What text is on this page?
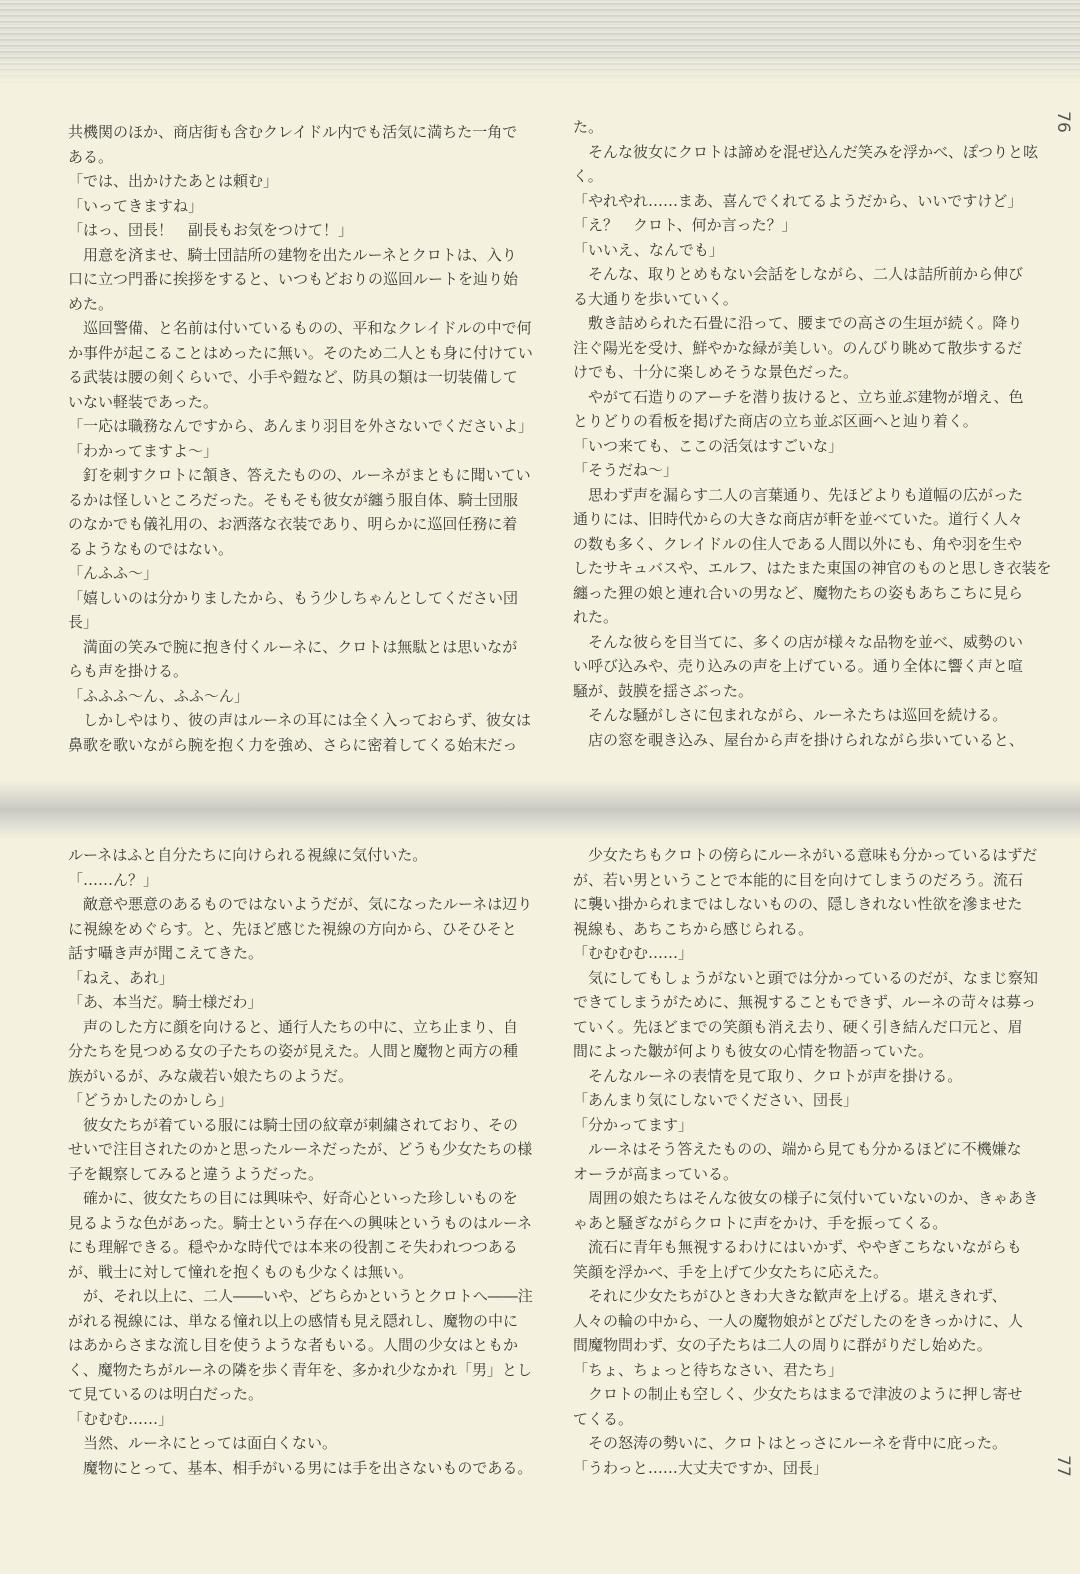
76
77
共機関のほか、商店街も含むクレイドル内でも活気に満ちた一角で
ある。
「では、出かけたあとは頼む」
「いってきますね」
「はっ、団長！　副長もお気をつけて！」
　用意を済ませ、騎士団詰所の建物を出たルーネとクロトは、入り
口に立つ門番に挨拶をすると、いつもどおりの巡回ルートを辿り始
めた。
　巡回警備、と名前は付いているものの、平和なクレイドルの中で何
か事件が起こることはめったに無い。そのため二人とも身に付けてい
る武装は腰の剣くらいで、小手や鎧など、防具の類は一切装備して
いない軽装であった。
「一応は職務なんですから、あんまり羽目を外さないでくださいよ」
「わかってますよ～」
　釘を刺すクロトに頷き、答えたものの、ルーネがまともに聞いてい
るかは怪しいところだった。そもそも彼女が纏う服自体、騎士団服
のなかでも儀礼用の、お洒落な衣装であり、明らかに巡回任務に着
るようなものではない。
「んふふ～」
「嬉しいのは分かりましたから、もう少しちゃんとしてください団
長」
　満面の笑みで腕に抱き付くルーネに、クロトは無駄とは思いなが
らも声を掛ける。
「ふふふ～ん、ふふ～ん」
　しかしやはり、彼の声はルーネの耳には全く入っておらず、彼女は
鼻歌を歌いながら腕を抱く力を強め、さらに密着してくる始末だっ
た。
　そんな彼女にクロトは諦めを混ぜ込んだ笑みを浮かべ、ぽつりと呟
く。
「やれやれ……まあ、喜んでくれてるようだから、いいですけど」
「え？　クロト、何か言った？」
「いいえ、なんでも」
　そんな、取りとめもない会話をしながら、二人は詰所前から伸び
る大通りを歩いていく。
　敷き詰められた石畳に沿って、腰までの高さの生垣が続く。降り
注ぐ陽光を受け、鮮やかな緑が美しい。のんびり眺めて散歩するだ
けでも、十分に楽しめそうな景色だった。
　やがて石造りのアーチを潜り抜けると、立ち並ぶ建物が増え、色
とりどりの看板を掲げた商店の立ち並ぶ区画へと辿り着く。
「いつ来ても、ここの活気はすごいな」
「そうだね～」
　思わず声を漏らす二人の言葉通り、先ほどよりも道幅の広がった
通りには、旧時代からの大きな商店が軒を並べていた。道行く人々
の数も多く、クレイドルの住人である人間以外にも、角や羽を生や
したサキュバスや、エルフ、はたまた東国の神官のものと思しき衣装を
纏った狸の娘と連れ合いの男など、魔物たちの姿もあちこちに見ら
れた。
　そんな彼らを目当てに、多くの店が様々な品物を並べ、威勢のい
い呼び込みや、売り込みの声を上げている。通り全体に響く声と喧
騒が、鼓膜を揺さぶった。
　そんな騒がしさに包まれながら、ルーネたちは巡回を続ける。
　店の窓を覗き込み、屋台から声を掛けられながら歩いていると、
ルーネはふと自分たちに向けられる視線に気付いた。
「……ん？」
　敵意や悪意のあるものではないようだが、気になったルーネは辺り
に視線をめぐらす。と、先ほど感じた視線の方向から、ひそひそと
話す囁き声が聞こえてきた。
「ねえ、あれ」
「あ、本当だ。騎士様だわ」
　声のした方に顔を向けると、通行人たちの中に、立ち止まり、自
分たちを見つめる女の子たちの姿が見えた。人間と魔物と両方の種
族がいるが、みな歳若い娘たちのようだ。
「どうかしたのかしら」
　彼女たちが着ている服には騎士団の紋章が刺繍されており、その
せいで注目されたのかと思ったルーネだったが、どうも少女たちの様
子を観察してみると違うようだった。
　確かに、彼女たちの目には興味や、好奇心といった珍しいものを
見るような色があった。騎士という存在への興味というものはルーネ
にも理解できる。穏やかな時代では本来の役割こそ失われつつある
が、戦士に対して憧れを抱くものも少なくは無い。
　が、それ以上に、二人――いや、どちらかというとクロトへ――注
がれる視線には、単なる憧れ以上の感情も見え隠れし、魔物の中に
はあからさまな流し目を使うような者もいる。人間の少女はともか
く、魔物たちがルーネの隣を歩く青年を、多かれ少なかれ「男」とし
て見ているのは明白だった。
「むむむ……」
　当然、ルーネにとっては面白くない。
　魔物にとって、基本、相手がいる男には手を出さないものである。
　少女たちもクロトの傍らにルーネがいる意味も分かっているはずだ
が、若い男ということで本能的に目を向けてしまうのだろう。流石
に襲い掛かられまではしないものの、隠しきれない性欲を滲ませた
視線も、あちこちから感じられる。
「むむむむ……」
　気にしてもしょうがないと頭では分かっているのだが、なまじ察知
できてしまうがために、無視することもできず、ルーネの苛々は募っ
ていく。先ほどまでの笑顔も消え去り、硬く引き結んだ口元と、眉
間によった皺が何よりも彼女の心情を物語っていた。
　そんなルーネの表情を見て取り、クロトが声を掛ける。
「あんまり気にしないでください、団長」
「分かってます」
　ルーネはそう答えたものの、端から見ても分かるほどに不機嫌な
オーラが高まっている。
　周囲の娘たちはそんな彼女の様子に気付いていないのか、きゃあき
ゃあと騒ぎながらクロトに声をかけ、手を振ってくる。
　流石に青年も無視するわけにはいかず、ややぎこちないながらも
笑顔を浮かべ、手を上げて少女たちに応えた。
　それに少女たちがひときわ大きな歓声を上げる。堪えきれず、
人々の輪の中から、一人の魔物娘がとびだしたのをきっかけに、人
間魔物問わず、女の子たちは二人の周りに群がりだし始めた。
「ちょ、ちょっと待ちなさい、君たち」
　クロトの制止も空しく、少女たちはまるで津波のように押し寄せ
てくる。
　その怒涛の勢いに、クロトはとっさにルーネを背中に庇った。
「うわっと……大丈夫ですか、団長」
